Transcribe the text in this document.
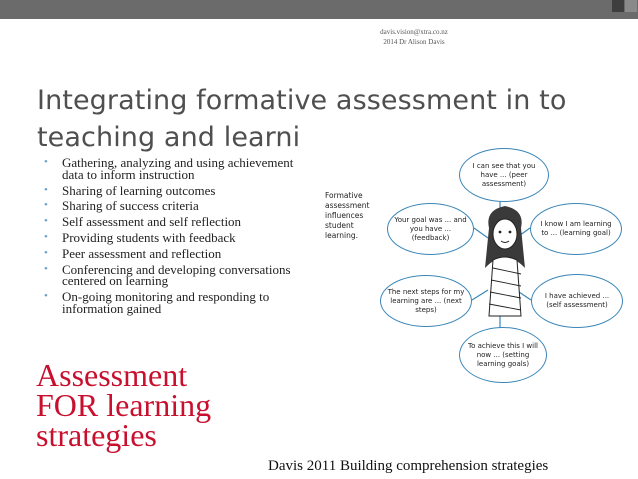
davis.vision@xtra.co.nz
2014 Dr Alison Davis
Integrating formative assessment in to
teaching and learni
• Gathering, analyzing and using achievement data to inform instruction
• Sharing of learning outcomes
• Sharing of success criteria
• Self assessment and self reflection
• Providing students with feedback
• Peer assessment and reflection
• Conferencing and developing conversations centered on learning
• On-going monitoring and responding to information gained
Formative assessment influences student learning.
I can see that you have ... (peer assessment)
Your goal was ... and you have ... (feedback)
I know I am learning to ... (learning goal)
The next steps for my learning are ... (next steps)
I have achieved ... (self assessment)
To achieve this I will now ... (setting learning goals)
Assessment
FOR learning
strategies
Davis 2011 Building comprehension strategies
